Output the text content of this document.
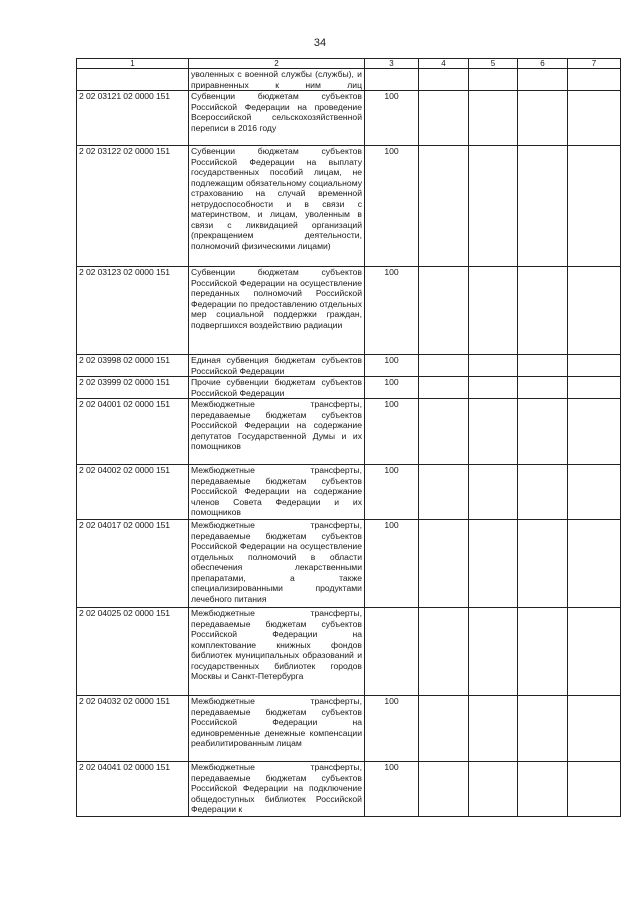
34
1	2	3	4	5	6	7
	уволенных с военной службы (службы), и приравненных к ним лиц					
2 02 03121 02 0000 151	Субвенции бюджетам субъектов Российской Федерации на проведение Всероссийской сельскохозяйственной переписи в 2016 году	100				
2 02 03122 02 0000 151	Субвенции бюджетам субъектов Российской Федерации на выплату государственных пособий лицам, не подлежащим обязательному социальному страхованию на случай временной нетрудоспособности и в связи с материнством, и лицам, уволенным в связи с ликвидацией организаций (прекращением деятельности, полномочий физическими лицами)	100				
2 02 03123 02 0000 151	Субвенции бюджетам субъектов Российской Федерации на осуществление переданных полномочий Российской Федерации по предоставлению отдельных мер социальной поддержки граждан, подвергшихся воздействию радиации	100				
2 02 03998 02 0000 151	Единая субвенция бюджетам субъектов Российской Федерации	100				
2 02 03999 02 0000 151	Прочие субвенции бюджетам субъектов Российской Федерации	100				
2 02 04001 02 0000 151	Межбюджетные трансферты, передаваемые бюджетам субъектов Российской Федерации на содержание депутатов Государственной Думы и их помощников	100				
2 02 04002 02 0000 151	Межбюджетные трансферты, передаваемые бюджетам субъектов Российской Федерации на содержание членов Совета Федерации и их помощников	100				
2 02 04017 02 0000 151	Межбюджетные трансферты, передаваемые бюджетам субъектов Российской Федерации на осуществление отдельных полномочий в области обеспечения лекарственными препаратами, а также специализированными продуктами лечебного питания	100				
2 02 04025 02 0000 151	Межбюджетные трансферты, передаваемые бюджетам субъектов Российской Федерации на комплектование книжных фондов библиотек муниципальных образований и государственных библиотек городов Москвы и Санкт-Петербурга					
2 02 04032 02 0000 151	Межбюджетные трансферты, передаваемые бюджетам субъектов Российской Федерации на единовременные денежные компенсации реабилитированным лицам	100				
2 02 04041 02 0000 151	Межбюджетные трансферты, передаваемые бюджетам субъектов Российской Федерации на подключение общедоступных библиотек Российской Федерации к	100				
